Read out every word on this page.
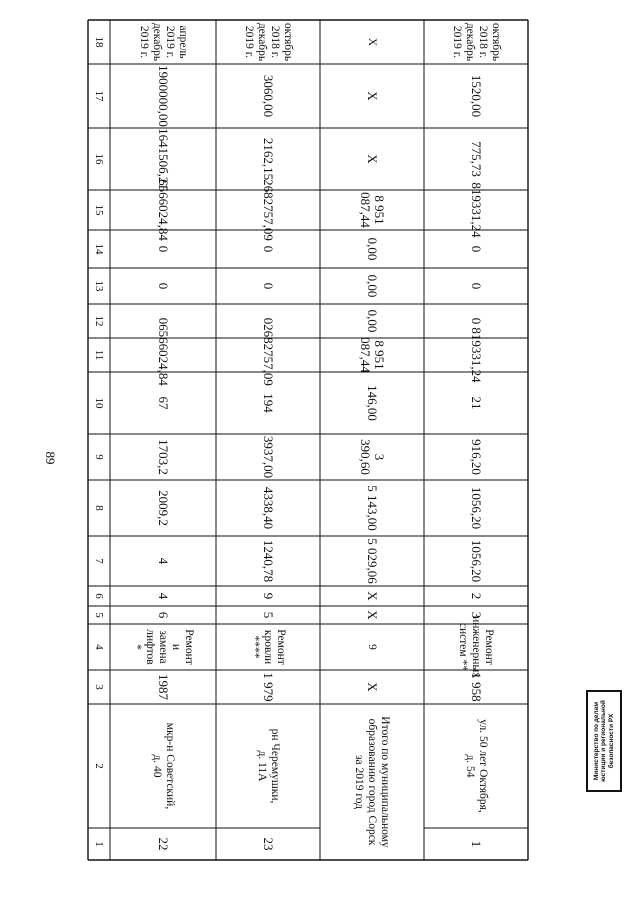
89
18
17
16
15
14
13
12
11
10
9
8
7
6
5
4
3
2
1
апрель 2019 г.
декабрь 2019 г.
1900000,00
164150б,21
6566024,84
0
0
0
6566024,84
67
1703,2
2009,2
4
4
6
Ремонт и замена
лифтов *
1987
мкр-н Советский,
д. 40
22
октябрь 2018 г.
декабрь 2019 г.
3060,00
2162,15
2682757,09
0
0
0
2682757,09
194
3937,00
4338,40
1240,78
9
5
Ремонт кровли
****
1 979
рн Черемушки,
д. 11А
23
X
X
X
8 951 087,44
0,00
0,00
0,00
8 951 087,44
146,00
3 390,60
5 143,00
5 029,06
X
X
9
X
Итого по муниципальному
образованию город Сорск
за 2019 год
октябрь 2018 г.
декабрь 2019 г.
1520,00
775,73
819331,24
0
0
0
819331,24
21
916,20
1056,20
1056,20
2
3
Ремонт
инженерных
систем **
1 958
ул. 50 лет Октября,
д. 54
1
Министерство по делам
юстиции и региональной
безопасности РХ
